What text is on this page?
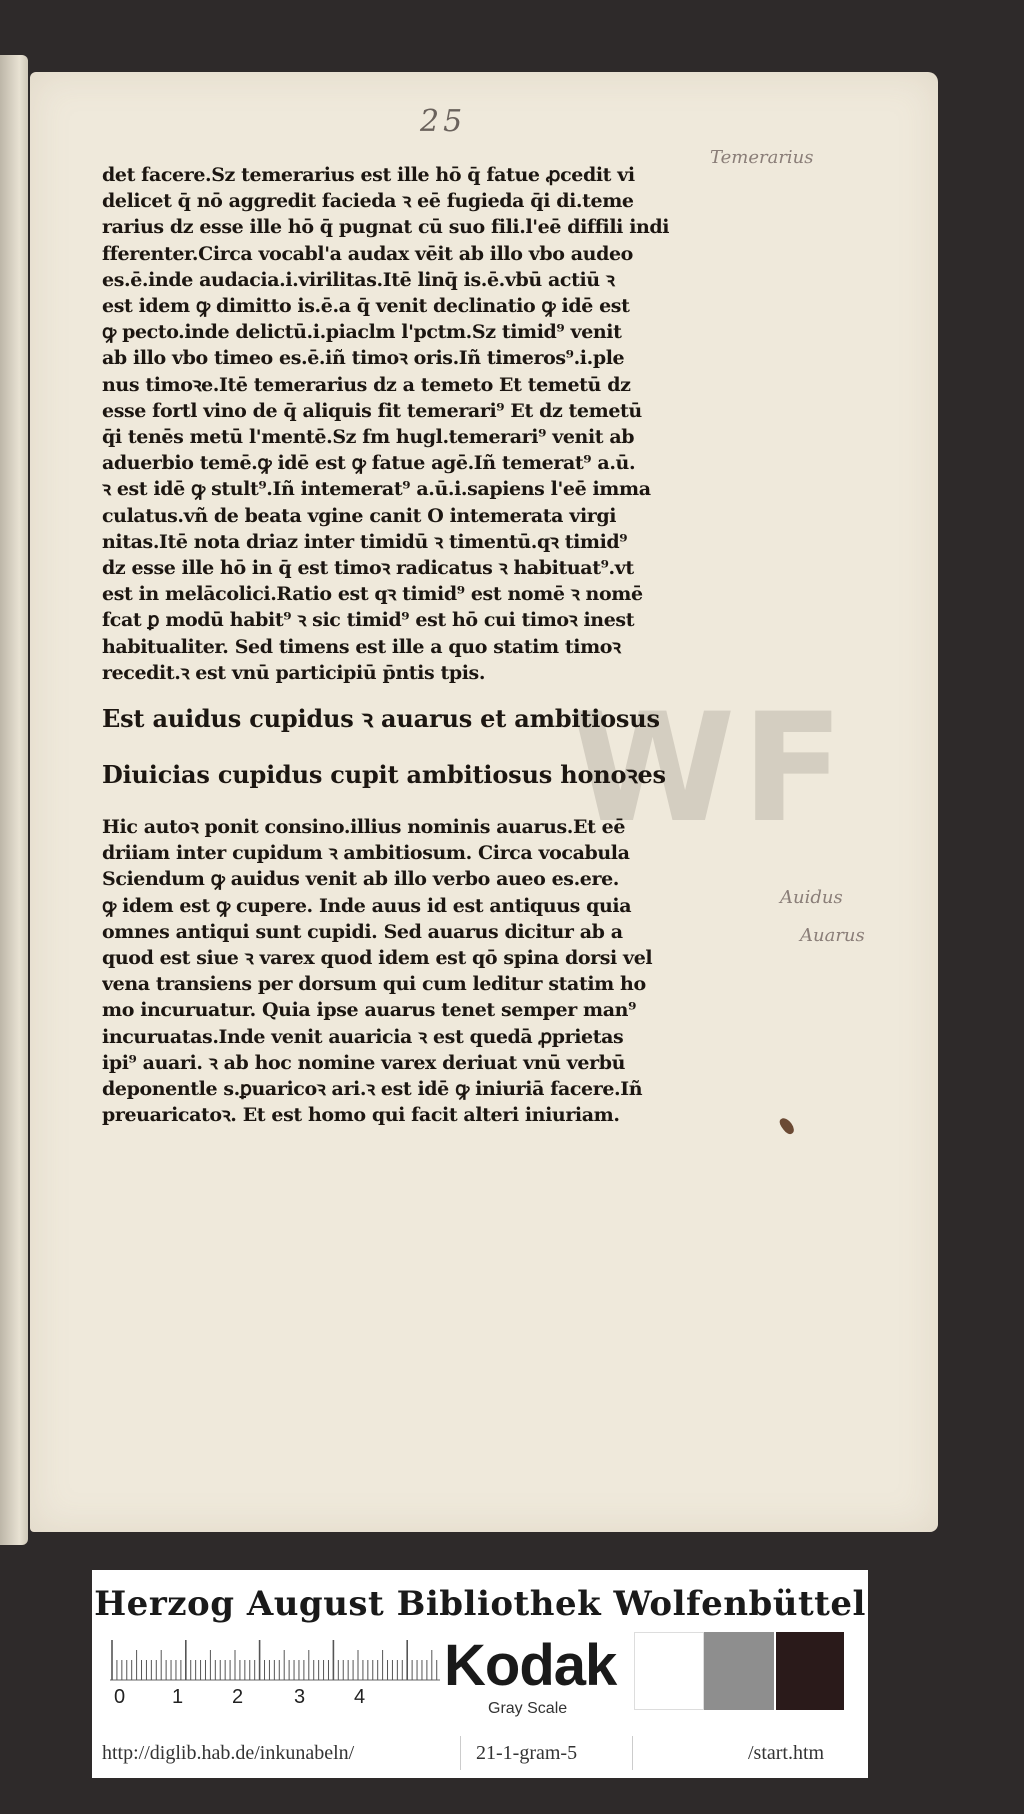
25
Temerarius
Auidus
Auarus
WF
det facere.Sz temerarius est ille hō q̄ fatue ꝓcedit vi
delicet q̄ nō aggredit facieda ꝛ eē fugieda q̄i di.teme
rarius dz esse ille hō q̄ pugnat cū suo fili.l'eē diffili indi
fferenter.Circa vocabl'a audax vēit ab illo vbo audeo
es.ē.inde audacia.i.virilitas.Itē linq̄ is.ē.vbū actiū ꝛ
est idem ꝙ dimitto is.ē.a q̄ venit declinatio ꝙ idē est
ꝙ pecto.inde delictū.i.piaclm l'pctm.Sz timid⁹ venit
ab illo vbo timeo es.ē.iñ timoꝛ oris.Iñ timeros⁹.i.ple
nus timoꝛe.Itē temerarius dz a temeto Et temetū dz
esse fortl vino de q̄ aliquis fit temerari⁹ Et dz temetū
q̄i tenēs metū l'mentē.Sz fm hugl.temerari⁹ venit ab
aduerbio temē.ꝙ idē est ꝙ fatue agē.Iñ temerat⁹ a.ū.
ꝛ est idē ꝙ stult⁹.Iñ intemerat⁹ a.ū.i.sapiens l'eē imma
culatus.vñ de beata vgine canit O intemerata virgi
nitas.Itē nota driaz inter timidū ꝛ timentū.qꝛ timid⁹
dz esse ille hō in q̄ est timoꝛ radicatus ꝛ habituat⁹.vt
est in melācolici.Ratio est qꝛ timid⁹ est nomē ꝛ nomē
fcat ꝑ modū habit⁹ ꝛ sic timid⁹ est hō cui timoꝛ inest
habitualiter. Sed timens est ille a quo statim timoꝛ
recedit.ꝛ est vnū participiū p̄ntis tpis.
Est auidus cupidus ꝛ auarus et ambitiosus
Diuicias cupidus cupit ambitiosus honoꝛes
Hic autoꝛ ponit consino.illius nominis auarus.Et eē
driiam inter cupidum ꝛ ambitiosum. Circa vocabula
Sciendum ꝙ auidus venit ab illo verbo aueo es.ere.
ꝙ idem est ꝙ cupere. Inde auus id est antiquus quia
omnes antiqui sunt cupidi. Sed auarus dicitur ab a
quod est siue ꝛ varex quod idem est qō spina dorsi vel
vena transiens per dorsum qui cum leditur statim ho
mo incuruatur. Quia ipse auarus tenet semper man⁹
incuruatas.Inde venit auaricia ꝛ est quedā ꝓprietas
ipi⁹ auari. ꝛ ab hoc nomine varex deriuat vnū verbū
deponentle s.ꝑuaricoꝛ ari.ꝛ est idē ꝙ iniuriā facere.Iñ
preuaricatoꝛ. Et est homo qui facit alteri iniuriam.
Herzog August Bibliothek Wolfenbüttel
0 1 2	3 4 Kodak
Gray Scale
http://diglib.hab.de/inkunabeln/	21-1-gram-5	/start.htm
